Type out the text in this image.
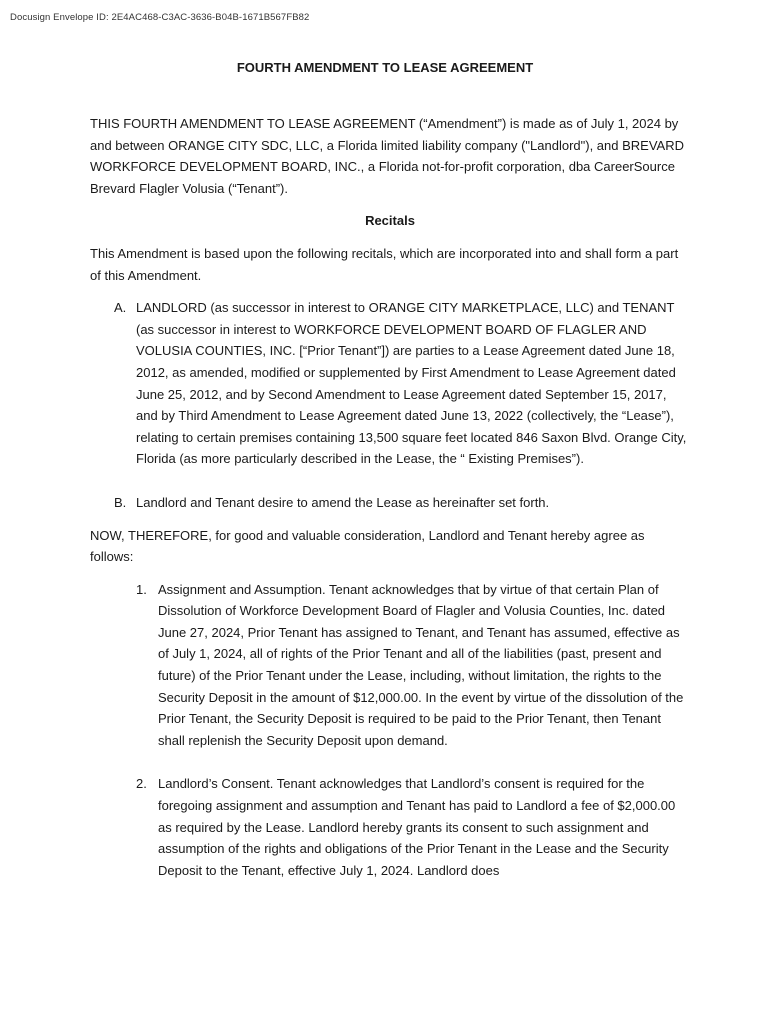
Docusign Envelope ID: 2E4AC468-C3AC-3636-B04B-1671B567FB82
FOURTH AMENDMENT TO LEASE AGREEMENT

THIS FOURTH AMENDMENT TO LEASE AGREEMENT (“Amendment”) is made as of July 1, 2024 by and between ORANGE CITY SDC, LLC, a Florida limited liability company ("Landlord"), and BREVARD WORKFORCE DEVELOPMENT BOARD, INC., a Florida not-for-profit corporation, dba CareerSource Brevard Flagler Volusia (“Tenant”).

Recitals

This Amendment is based upon the following recitals, which are incorporated into and shall form a part of this Amendment.

A. LANDLORD (as successor in interest to ORANGE CITY MARKETPLACE, LLC) and TENANT (as successor in interest to WORKFORCE DEVELOPMENT BOARD OF FLAGLER AND VOLUSIA COUNTIES, INC. [“Prior Tenant”]) are parties to a Lease Agreement dated June 18, 2012, as amended, modified or supplemented by First Amendment to Lease Agreement dated June 25, 2012, and by Second Amendment to Lease Agreement dated September 15, 2017, and by Third Amendment to Lease Agreement dated June 13, 2022 (collectively, the “Lease”), relating to certain premises containing 13,500 square feet located 846 Saxon Blvd. Orange City, Florida (as more particularly described in the Lease, the “ Existing Premises”).
B. Landlord and Tenant desire to amend the Lease as hereinafter set forth.

NOW, THEREFORE, for good and valuable consideration, Landlord and Tenant hereby agree as follows:

1. Assignment and Assumption. Tenant acknowledges that by virtue of that certain Plan of Dissolution of Workforce Development Board of Flagler and Volusia Counties, Inc. dated June 27, 2024, Prior Tenant has assigned to Tenant, and Tenant has assumed, effective as of July 1, 2024, all of rights of the Prior Tenant and all of the liabilities (past, present and future) of the Prior Tenant under the Lease, including, without limitation, the rights to the Security Deposit in the amount of $12,000.00. In the event by virtue of the dissolution of the Prior Tenant, the Security Deposit is required to be paid to the Prior Tenant, then Tenant shall replenish the Security Deposit upon demand.
2. Landlord’s Consent. Tenant acknowledges that Landlord’s consent is required for the foregoing assignment and assumption and Tenant has paid to Landlord a fee of $2,000.00 as required by the Lease. Landlord hereby grants its consent to such assignment and assumption of the rights and obligations of the Prior Tenant in the Lease and the Security Deposit to the Tenant, effective July 1, 2024. Landlord does
